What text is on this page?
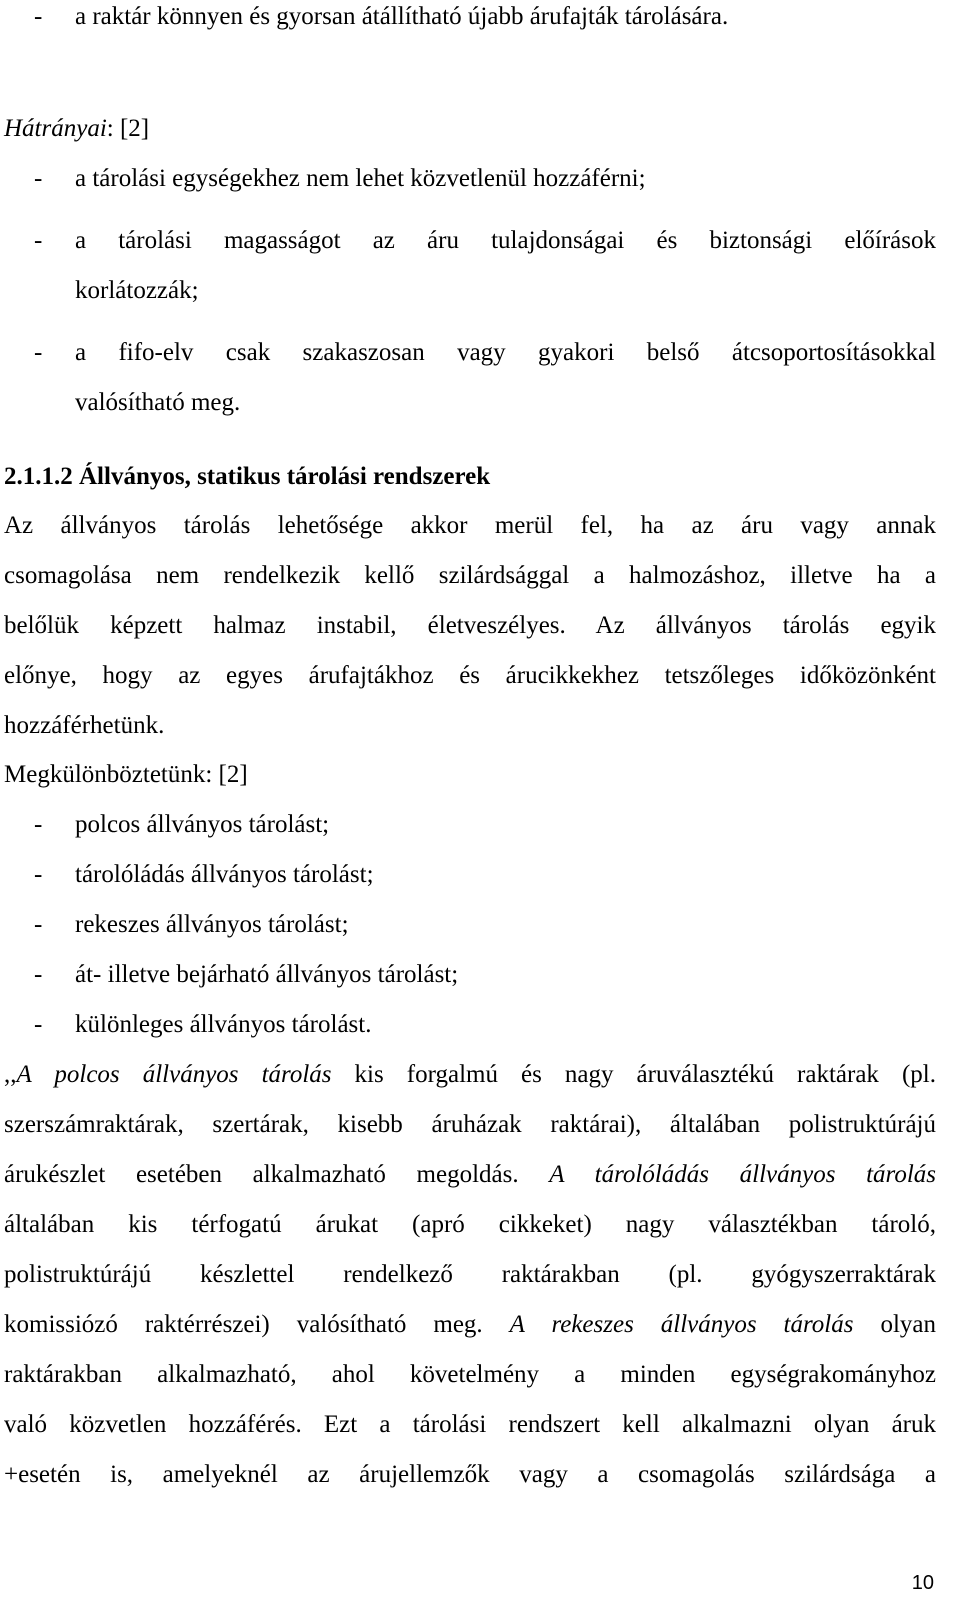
- a raktár könnyen és gyorsan átállítható újabb árufajták tárolására.
Hátrányai: [2]
- a tárolási egységekhez nem lehet közvetlenül hozzáférni;
- a tárolási magasságot az áru tulajdonságai és biztonsági előírások
korlátozzák;
- a fifo-elv csak szakaszosan vagy gyakori belső átcsoportosításokkal
valósítható meg.
2.1.1.2 Állványos, statikus tárolási rendszerek
Az állványos tárolás lehetősége akkor merül fel, ha az áru vagy annak
csomagolása nem rendelkezik kellő szilárdsággal a halmozáshoz, illetve ha a
belőlük képzett halmaz instabil, életveszélyes. Az állványos tárolás egyik
előnye, hogy az egyes árufajtákhoz és árucikkekhez tetszőleges időközönként
hozzáférhetünk.
Megkülönböztetünk: [2]
- polcos állványos tárolást;
- tárolóládás állványos tárolást;
- rekeszes állványos tárolást;
- át- illetve bejárható állványos tárolást;
- különleges állványos tárolást.
,,A polcos állványos tárolás kis forgalmú és nagy áruválasztékú raktárak (pl.
szerszámraktárak, szertárak, kisebb áruházak raktárai), általában polistruktúrájú
árukészlet esetében alkalmazható megoldás. A tárolóládás állványos tárolás
általában kis térfogatú árukat (apró cikkeket) nagy választékban tároló,
polistruktúrájú készlettel rendelkező raktárakban (pl. gyógyszerraktárak
komissiózó raktérrészei) valósítható meg. A rekeszes állványos tárolás olyan
raktárakban alkalmazható, ahol követelmény a minden egységrakományhoz
való közvetlen hozzáférés. Ezt a tárolási rendszert kell alkalmazni olyan áruk
+esetén is, amelyeknél az árujellemzők vagy a csomagolás szilárdsága a
10
